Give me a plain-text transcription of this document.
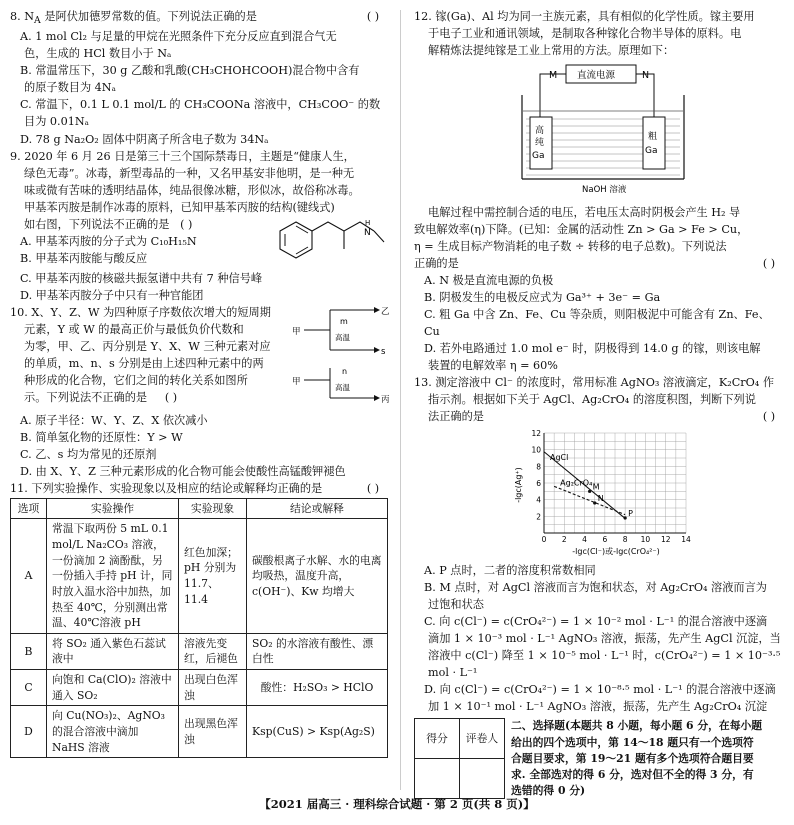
8. $N_A$ 是阿伏加德罗常数的值。下列说法正确的是	( )
A. 1 mol Cl₂ 与足量的甲烷在光照条件下充分反应直到混合气无
色，生成的 HCl 数目小于 Nₐ
B. 常温常压下，30 g 乙酸和乳酸(CH₃CHOHCOOH)混合物中含有
的原子数目为 4Nₐ
C. 常温下，0.1 L 0.1 mol/L 的 CH₃COONa 溶液中，CH₃COO⁻ 的数
目为 0.01Nₐ
D. 78 g Na₂O₂ 固体中阴离子所含电子数为 34Nₐ
9. 2020 年 6 月 26 日是第三十三个国际禁毒日，主题是“健康人生，
绿色无毒”。冰毒，新型毒品的一种，又名甲基安非他明，是一种无
味或微有苦味的透明结晶体，纯品很像冰糖，形似冰，故俗称冰毒。
甲基苯丙胺是制作冰毒的原料，已知甲基苯丙胺的结构(键线式)
如右图，下列说法不正确的是 ( )
A. 甲基苯丙胺的分子式为 C₁₀H₁₅N
B. 甲基苯丙胺能与酸反应
N
H
C. 甲基苯丙胺的核磁共振氢谱中共有 7 种信号峰
D. 甲基苯丙胺分子中只有一种官能团
10. X、Y、Z、W 为四种原子序数依次增大的短周期
元素，Y 或 W 的最高正价与最低负价代数和
为零，甲、乙、丙分别是 Y、X、W 三种元素对应
的单质，m、n、s 分别是由上述四种元素中的两
种形成的化合物，它们之间的转化关系如图所
示。下列说法不正确的是 ( )
甲
甲
m
高温
n
高温
乙
s
丙
A. 原子半径：W、Y、Z、X 依次减小
B. 简单氢化物的还原性：Y > W
C. 乙、s 均为常见的还原剂
D. 由 X、Y、Z 三种元素形成的化合物可能会使酸性高锰酸钾褪色
11. 下列实验操作、实验现象以及相应的结论或解释均正确的是	( )
选项	实验操作	实验现象	结论或解释
A	常温下取两份 5 mL 0.1 mol/L Na₂CO₃ 溶液，一份滴加 2 滴酚酞，另一份插入手持 pH 计，同时放入温水浴中加热，加热至 40℃，分别测出常温、40℃溶液 pH	红色加深；pH 分别为 11.7、11.4	碳酸根离子水解、水的电离均吸热，温度升高，c(OH⁻)、Kw 均增大
B	将 SO₂ 通入紫色石蕊试液中	溶液先变红，后褪色	SO₂ 的水溶液有酸性、漂白性
C	向饱和 Ca(ClO)₂ 溶液中通入 SO₂	出现白色浑浊	酸性：H₂SO₃ > HClO
D	向 Cu(NO₃)₂、AgNO₃ 的混合溶液中滴加 NaHS 溶液	出现黑色浑浊	Ksp(CuS) > Ksp(Ag₂S)
12. 镓(Ga)、Al 均为同一主族元素，具有相似的化学性质。镓主要用
于电子工业和通讯领域，是制取各种镓化合物半导体的原料。电
解精炼法提纯镓是工业上常用的方法。原理如下：
直流电源
M	N
高
纯
Ga
粗
Ga
NaOH 溶液
电解过程中需控制合适的电压，若电压太高时阴极会产生 H₂ 导
致电解效率(η)下降。(已知：金属的活动性 Zn > Ga > Fe > Cu，
η = 生成目标产物消耗的电子数 ÷ 转移的电子总数)。下列说法
正确的是	( )
A. N 极是直流电源的负极
B. 阴极发生的电极反应式为 Ga³⁺ + 3e⁻ = Ga
C. 粗 Ga 中含 Zn、Fe、Cu 等杂质，则阳极泥中可能含有 Zn、Fe、Cu
D. 若外电路通过 1.0 mol e⁻ 时，阴极得到 14.0 g 的镓，则该电解
装置的电解效率 η = 60%
13. 测定溶液中 Cl⁻ 的浓度时，常用标准 AgNO₃ 溶液滴定，K₂CrO₄ 作
指示剂。根据如下关于 AgCl、Ag₂CrO₄ 的溶度积图，判断下列说
法正确的是	( )
AgCl
Ag₂CrO₄ M
N
P
0 2 4 6 8 10 12 14
2
4
6
8
10
12
-lgc(Ag⁺)
-lgc(Cl⁻)或-lgc(CrO₄²⁻)
A. P 点时，二者的溶度积常数相同
B. M 点时，对 AgCl 溶液而言为饱和状态，对 Ag₂CrO₄ 溶液而言为
过饱和状态
C. 向 c(Cl⁻) = c(CrO₄²⁻) = 1 × 10⁻² mol · L⁻¹ 的混合溶液中逐滴
滴加 1 × 10⁻³ mol · L⁻¹ AgNO₃ 溶液，振荡，先产生 AgCl 沉淀，当
溶液中 c(Cl⁻) 降至 1 × 10⁻⁵ mol · L⁻¹ 时，c(CrO₄²⁻) = 1 × 10⁻³·⁵
mol · L⁻¹
D. 向 c(Cl⁻) = c(CrO₄²⁻) = 1 × 10⁻⁸·⁵ mol · L⁻¹ 的混合溶液中逐滴
加 1 × 10⁻¹ mol · L⁻¹ AgNO₃ 溶液，振荡，先产生 Ag₂CrO₄ 沉淀
得分	评卷人

二、选择题(本题共 8 小题，每小题 6 分，在每小题
给出的四个选项中，第 14～18 题只有一个选项符
合题目要求，第 19～21 题有多个选项符合题目要
求. 全部选对的得 6 分，选对但不全的得 3 分，有
选错的得 0 分)
【2021 届高三 · 理科综合试题 · 第 2 页(共 8 页)】
